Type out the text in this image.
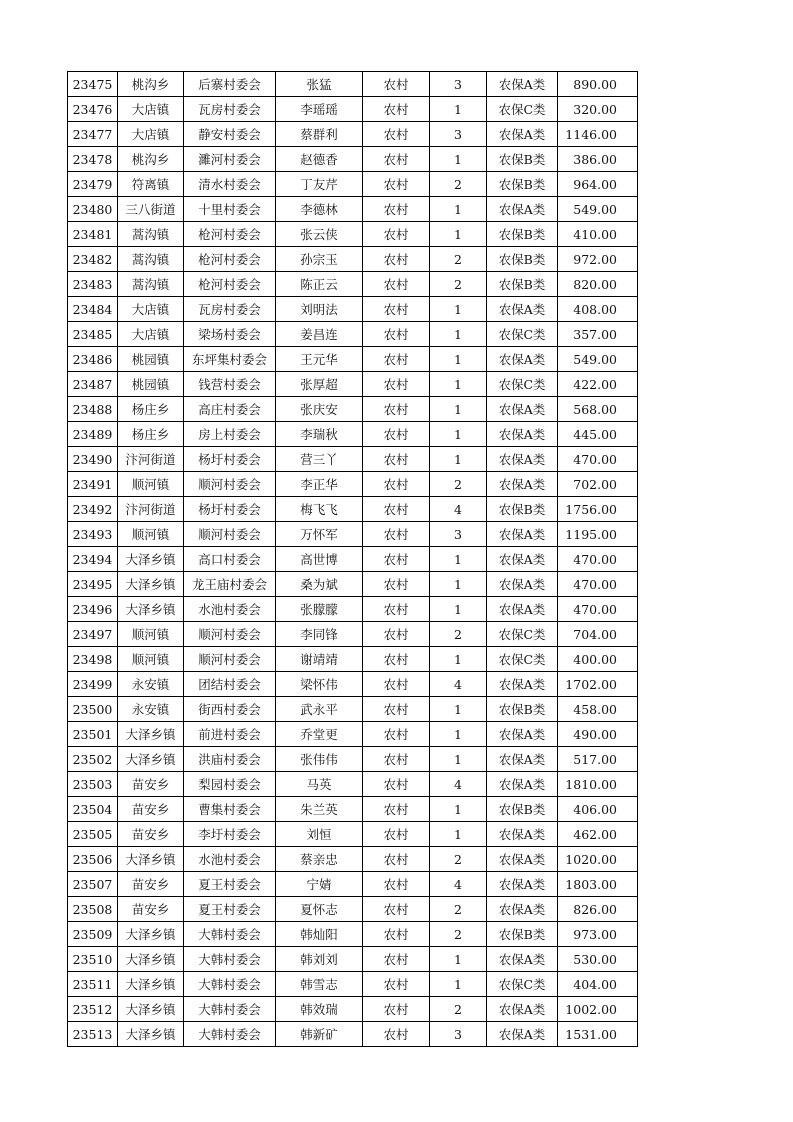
23475	桃沟乡	后寨村委会	张猛	农村	3	农保A类	890.00
23476	大店镇	瓦房村委会	李瑶瑶	农村	1	农保C类	320.00
23477	大店镇	静安村委会	蔡群利	农村	3	农保A类	1146.00
23478	桃沟乡	濉河村委会	赵德香	农村	1	农保B类	386.00
23479	符离镇	清水村委会	丁友芹	农村	2	农保B类	964.00
23480	三八街道	十里村委会	李德林	农村	1	农保A类	549.00
23481	蒿沟镇	枪河村委会	张云侠	农村	1	农保B类	410.00
23482	蒿沟镇	枪河村委会	孙宗玉	农村	2	农保B类	972.00
23483	蒿沟镇	枪河村委会	陈正云	农村	2	农保B类	820.00
23484	大店镇	瓦房村委会	刘明法	农村	1	农保A类	408.00
23485	大店镇	梁场村委会	姜昌连	农村	1	农保C类	357.00
23486	桃园镇	东坪集村委会	王元华	农村	1	农保A类	549.00
23487	桃园镇	钱营村委会	张厚超	农村	1	农保C类	422.00
23488	杨庄乡	高庄村委会	张庆安	农村	1	农保A类	568.00
23489	杨庄乡	房上村委会	李瑞秋	农村	1	农保A类	445.00
23490	汴河街道	杨圩村委会	营三丫	农村	1	农保A类	470.00
23491	顺河镇	顺河村委会	李正华	农村	2	农保A类	702.00
23492	汴河街道	杨圩村委会	梅飞飞	农村	4	农保B类	1756.00
23493	顺河镇	顺河村委会	万怀军	农村	3	农保A类	1195.00
23494	大泽乡镇	高口村委会	高世博	农村	1	农保A类	470.00
23495	大泽乡镇	龙王庙村委会	桑为斌	农村	1	农保A类	470.00
23496	大泽乡镇	水池村委会	张朦朦	农村	1	农保A类	470.00
23497	顺河镇	顺河村委会	李同锋	农村	2	农保C类	704.00
23498	顺河镇	顺河村委会	谢靖靖	农村	1	农保C类	400.00
23499	永安镇	团结村委会	梁怀伟	农村	4	农保A类	1702.00
23500	永安镇	街西村委会	武永平	农村	1	农保B类	458.00
23501	大泽乡镇	前进村委会	乔堂更	农村	1	农保A类	490.00
23502	大泽乡镇	洪庙村委会	张伟伟	农村	1	农保A类	517.00
23503	苗安乡	梨园村委会	马英	农村	4	农保A类	1810.00
23504	苗安乡	曹集村委会	朱兰英	农村	1	农保B类	406.00
23505	苗安乡	李圩村委会	刘恒	农村	1	农保A类	462.00
23506	大泽乡镇	水池村委会	蔡亲忠	农村	2	农保A类	1020.00
23507	苗安乡	夏王村委会	宁婧	农村	4	农保A类	1803.00
23508	苗安乡	夏王村委会	夏怀志	农村	2	农保A类	826.00
23509	大泽乡镇	大韩村委会	韩灿阳	农村	2	农保B类	973.00
23510	大泽乡镇	大韩村委会	韩刘刘	农村	1	农保A类	530.00
23511	大泽乡镇	大韩村委会	韩雪志	农村	1	农保C类	404.00
23512	大泽乡镇	大韩村委会	韩效瑞	农村	2	农保A类	1002.00
23513	大泽乡镇	大韩村委会	韩新矿	农村	3	农保A类	1531.00
